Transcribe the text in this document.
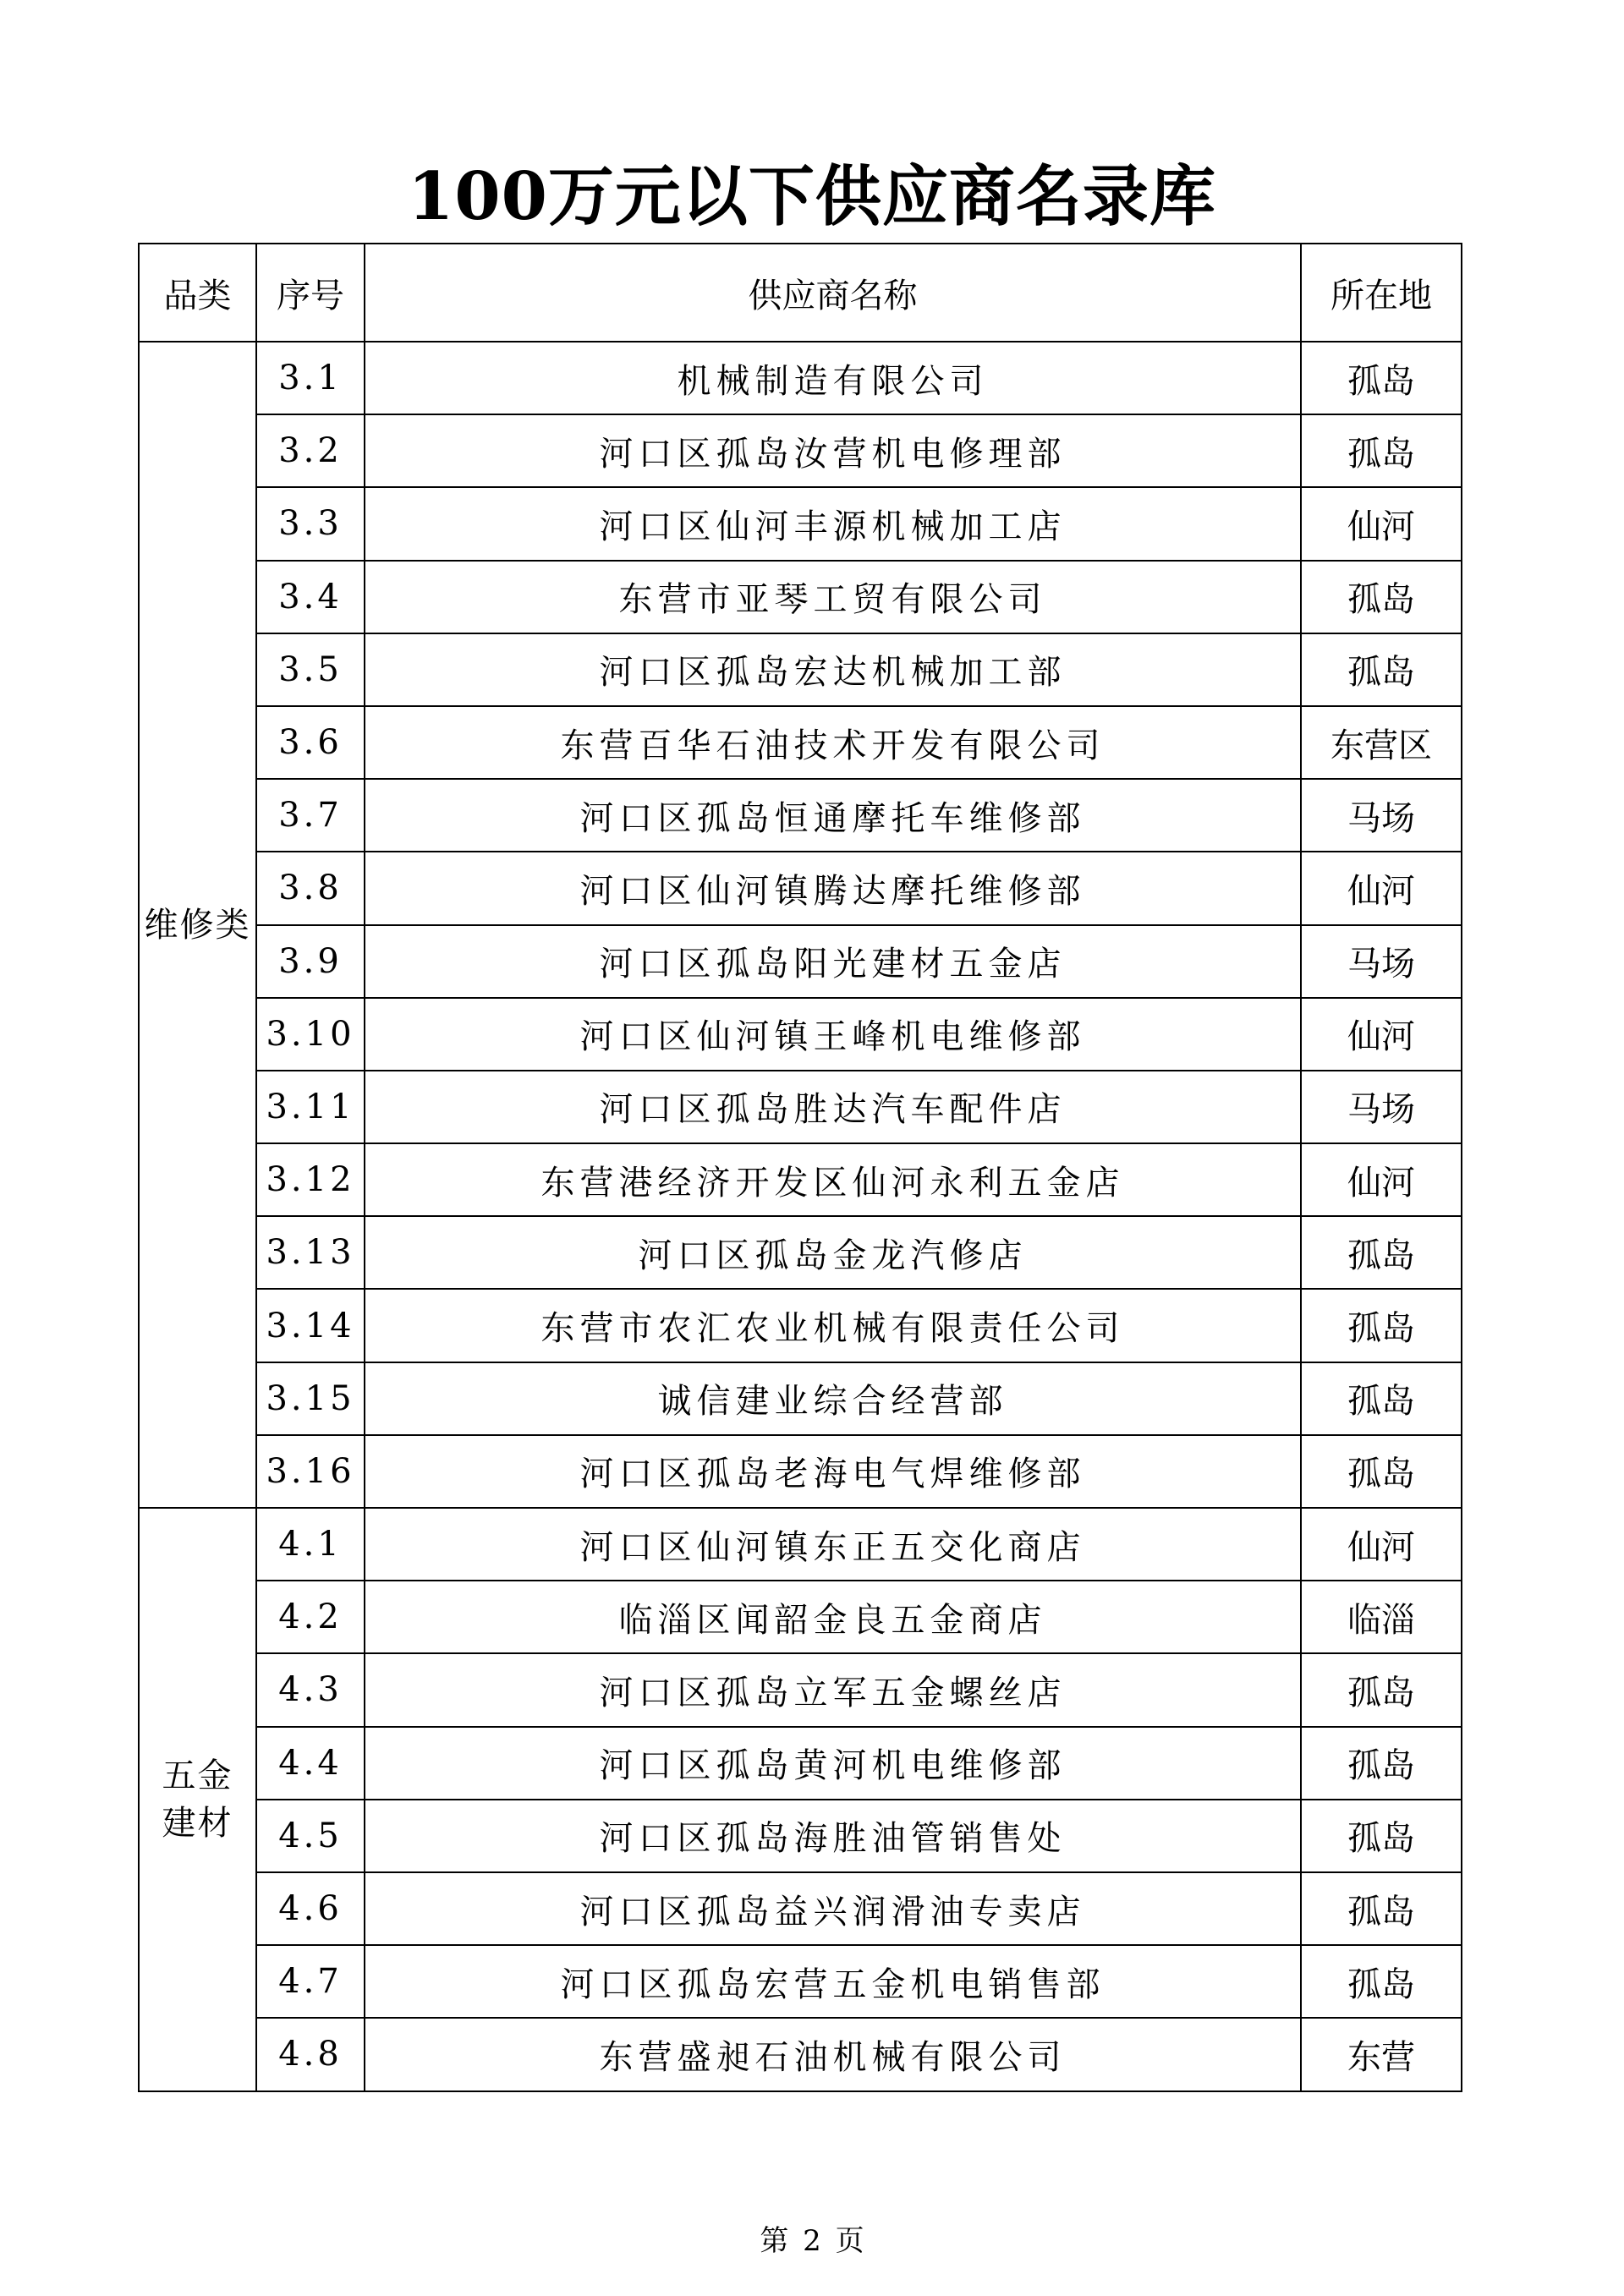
100万元以下供应商名录库
品类	序号	供应商名称	所在地
维修类	3.1	机械制造有限公司	孤岛
	3.2	河口区孤岛汝营机电修理部	孤岛
	3.3	河口区仙河丰源机械加工店	仙河
	3.4	东营市亚琴工贸有限公司	孤岛
	3.5	河口区孤岛宏达机械加工部	孤岛
	3.6	东营百华石油技术开发有限公司	东营区
	3.7	河口区孤岛恒通摩托车维修部	马场
	3.8	河口区仙河镇腾达摩托维修部	仙河
	3.9	河口区孤岛阳光建材五金店	马场
	3.10	河口区仙河镇王峰机电维修部	仙河
	3.11	河口区孤岛胜达汽车配件店	马场
	3.12	东营港经济开发区仙河永利五金店	仙河
	3.13	河口区孤岛金龙汽修店	孤岛
	3.14	东营市农汇农业机械有限责任公司	孤岛
	3.15	诚信建业综合经营部	孤岛
	3.16	河口区孤岛老海电气焊维修部	孤岛
五金建材	4.1	河口区仙河镇东正五交化商店	仙河
	4.2	临淄区闻韶金良五金商店	临淄
	4.3	河口区孤岛立军五金螺丝店	孤岛
	4.4	河口区孤岛黄河机电维修部	孤岛
	4.5	河口区孤岛海胜油管销售处	孤岛
	4.6	河口区孤岛益兴润滑油专卖店	孤岛
	4.7	河口区孤岛宏营五金机电销售部	孤岛
	4.8	东营盛昶石油机械有限公司	东营
第 2 页
